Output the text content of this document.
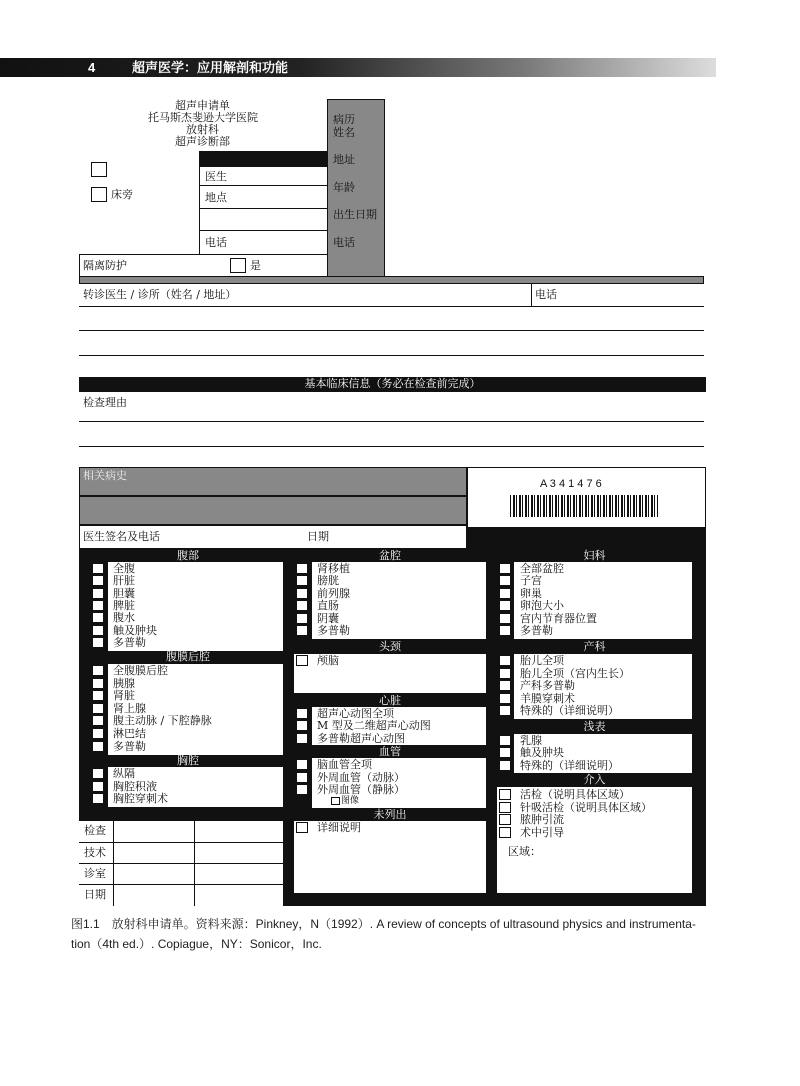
4	超声医学：应用解剖和功能
超声申请单
托马斯杰斐逊大学医院
放射科
超声诊断部
病历
姓名
地址
年龄
出生日期
电话
医生
地点
电话
床旁
隔离防护	是
转诊医生 / 诊所（姓名 / 地址）	电话
基本临床信息（务必在检查前完成）
检查理由
相关病史
A 3 4 1 4 7 6
医生签名及电话	日期
腹部
腹膜后腔
胸腔
全腹
肝脏
胆囊
脾脏
腹水
触及肿块
多普勒
全腹膜后腔
胰腺
肾脏
肾上腺
腹主动脉 / 下腔静脉
淋巴结
多普勒
纵隔
胸腔积液
胸腔穿刺术
检查
技术
诊室
日期
盆腔
头颈
心脏
血管
未列出
肾移植
膀胱
前列腺
直肠
阴囊
多普勒
颅脑
超声心动图全项
M 型及二维超声心动图
多普勒超声心动图
脑血管全项
外周血管（动脉）
外周血管（静脉）
图像
详细说明
妇科
产科
浅表
介入
全部盆腔
子宫
卵巢
卵泡大小
宫内节育器位置
多普勒
胎儿全项
胎儿全项（宫内生长）
产科多普勒
羊膜穿刺术
特殊的（详细说明）
乳腺
触及肿块
特殊的（详细说明）
活检（说明具体区域）
针吸活检（说明具体区域）
脓肿引流
术中引导
区域：
图1.1　放射科申请单。资料来源：Pinkney，N（1992）. A review of concepts of ultrasound physics and instrumenta-
tion（4th ed.）. Copiague，NY：Sonicor，Inc.
